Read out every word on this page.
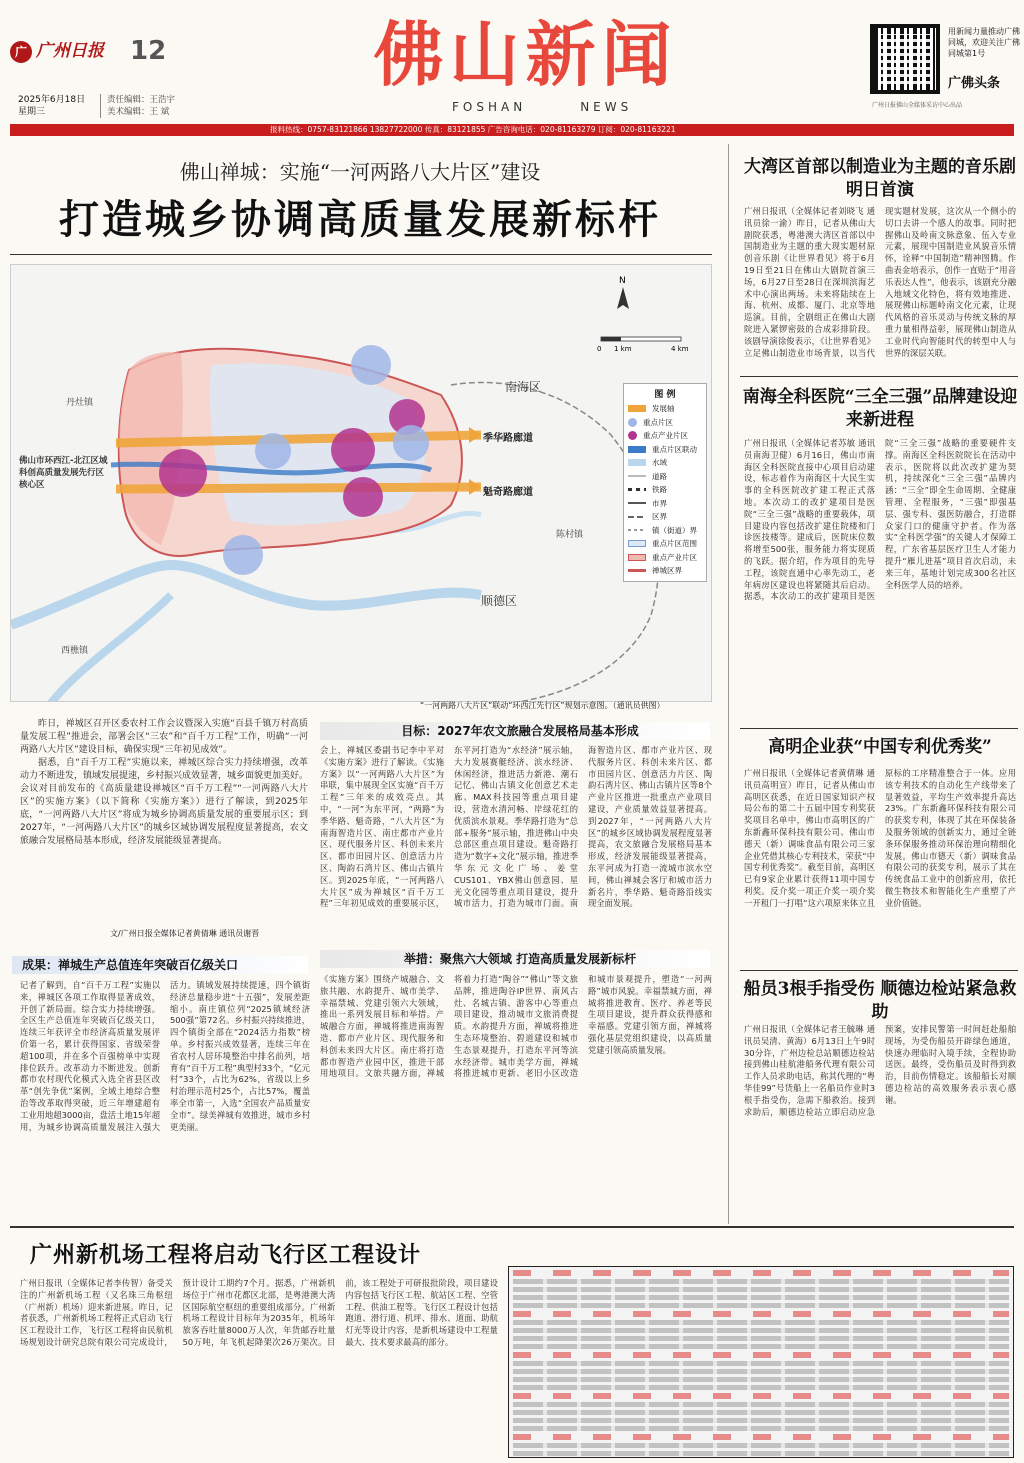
广 广州日报 12
2025年6月18日
星期三
责任编辑：王浩宇
美术编辑：王 斌
佛山新闻
FOSHAN	NEWS
用新闻力量推动广佛同城，欢迎关注广佛同城第1号
广佛头条
广州日报佛山全媒体采访中心出品
报料热线：0757-83121866 13827722000 传真：83121855 广告咨询电话：020-81163279 订阅：020-81163221
佛山禅城：实施“一河两路八大片区”建设
打造城乡协调高质量发展新标杆
N
0 1 km	4 km
南海区
顺德区
丹灶镇
西樵镇
陈村镇
季华路廊道
魁奇路廊道
佛山市环西江-北江区域科创高质量发展先行区核心区
图 例
发展轴
重点片区
重点产业片区
重点片区联动
水域
道路
铁路
市界
区界
镇（街道）界
重点片区范围
重点产业片区
禅城区界
“一河两路八大片区”联动“环西江先行区”规划示意图。（通讯员供图）

昨日，禅城区召开区委农村工作会议暨深入实施“百县千镇万村高质量发展工程”推进会，部署会区“三农”和“百千万工程”工作，明确“一河两路八大片区”建设目标，确保实现“三年初见成效”。

据悉，自“百千万工程”实施以来，禅城区综合实力持续增强，改革动力不断进发，镇域发展提速，乡村振兴成效显著，城乡面貌更加美好。会议对目前发布的《高质量建设禅城区“百千万工程”“一河两路八大片区”的实施方案》（以下简称《实施方案》）进行了解读，到2025年底，“一河两路八大片区”将成为城乡协调高质量发展的重要展示区；到2027年，“一河两路八大片区”的城乡区域协调发展程度显著提高，农文旅融合发展格局基本形成，经济发展能级显著提高。

文/广州日报全媒体记者黄倩琳 通讯员谢晋
目标：2027年农文旅融合发展格局基本形成
会上，禅城区委副书记李中平对《实施方案》进行了解读。《实施方案》以“一河两路八大片区”为串联，集中展现全区实施“百千万工程”三年来的成效亮点。其中，“一河”为东平河，“两路”为季华路、魁奇路，“八大片区”为南海智造片区、南庄都市产业片区、现代服务片区、科创未来片区、都市田园片区、创意活力片区、陶韵石湾片区、佛山古镇片区。到2025年底，“一河两路八大片区”成为禅城区“百千万工程”三年初见成效的重要展示区，东平河打造为“水经济”展示轴，大力发展赛艇经济、滨水经济、休闲经济，推进活力新港、潮石记忆、佛山古镇文化创意艺术走廊、MAX科技园等重点项目建设，营造水清河畅、岸绿花红的优质滨水景观。季华路打造为“总部+服务”展示轴，推进佛山中央总部区重点项目建设。魁奇路打造为“数字+文化”展示轴，推进季华东元文化广场、姜堂CUS101、YBX佛山创意园、星光文化园等重点项目建设，提升城市活力，打造为城市门面。南海智造片区、都市产业片区、现代服务片区、科创未来片区、都市田园片区、创意活力片区、陶韵石湾片区、佛山古镇片区等8个产业片区推进一批重点产业项目建设，产业质量效益显著提高。到2027年，“一河两路八大片区”的城乡区域协调发展程度显著提高，农文旅融合发展格局基本形成，经济发展能级显著提高，东平河成为打造一流城市滨水空间，佛山禅城会客厅和城市活力新名片，季华路、魁奇路沿线实现全面发展。
成果：禅城生产总值连年突破百亿级关口
记者了解到，自“百千万工程”实施以来，禅城区各项工作取得显著成效，开创了新局面。综合实力持续增强。全区生产总值连年突破百亿级关口，连续三年获评全市经济高质量发展评价第一名，累计获得国家、省级荣誉超100项，并在多个百强榜单中实现排位跃升。改革动力不断进发。创新都市农村现代化模式入选全省县区改革“创先争优”案例，全域土地综合整治等改革取得突破，近三年增建超有工业用地超3000亩，盘活土地15年超用，为城乡协调高质量发展注入强大活力。镇域发展持续提速，四个镇街经济总量稳步进“十五强”，发展差距缩小。南庄镇位列“2025镇域经济500强”第72名。乡村振兴持续推进，四个镇街全部在“2024活力指数”榜单。乡村振兴成效显著，连续三年在省农村人居环境整治中排名前列，培育有“百千万工程”典型村33个，“亿元村”33个，占比为62%，省级以上乡村治理示范村25个，占比57%，覆盖率全市第一，入选“全国农产品质量安全市”。绿美禅城有效推进，城市乡村更美丽。
举措：聚焦六大领域 打造高质量发展新标杆
《实施方案》围绕产城融合、文旅共融、水韵提升、城市美学、幸福禁城、党建引领六大领域，推出一系列发展目标和举措。产城融合方面，禅城将推进南海智造、都市产业片区、现代服务和科创未来四大片区。南庄将打造都市智造产业园中区，推进干部用地项目。文旅共融方面，禅城将着力打造“陶谷”“佛山”等文旅品牌，推进陶谷IP世界、南风古灶、名城古镇、游客中心等重点项目建设，推动城市文旅消费提质。水韵提升方面，禅城将推进生态环境整治、碧道建设和城市生态景观提升，打造东平河等滨水经济带。城市美学方面，禅城将推进城市更新、老旧小区改造和城市景观提升，塑造“一河两路”城市风貌。幸福禁城方面，禅城将推进教育、医疗、养老等民生项目建设，提升群众获得感和幸福感。党建引领方面，禅城将强化基层党组织建设，以高质量党建引领高质量发展。
大湾区首部以制造业为主题的音乐剧明日首演
广州日报讯（全媒体记者刘晓飞 通讯员徐一渝）昨日，记者从佛山大剧院获悉，粤港澳大湾区首部以中国制造业为主题的重大现实题材原创音乐剧《让世界看见》将于6月19日至21日在佛山大剧院首演三场，6月27日至28日在深圳滨海艺术中心演出两场。未来将陆续在上海、杭州、成都、厦门、北京等地巡演。目前，全剧组正在佛山大剧院进入紧锣密鼓的合成彩排阶段。该剧导演徐俊表示，《让世界看见》立足佛山制造业市场背景，以当代现实题材发展，这次从一个侧小的切口去讲一个感人的故事。同时把握佛山及岭南文脉意象、伍入专业元素，展现中国制造业风貌音乐情怀，诠释“中国制造”精神图腾。作曲表金培表示，创作一直贴于“用音乐表达人性”，他表示，该剧充分融入地域文化特色，将有效地推进、展现佛山标题岭南文化元素，让现代风格的音乐灵动与传统文脉的厚重力量相得益彰，展现佛山制造从工业时代向智能时代的转型中人与世界的深层关联。
南海全科医院“三全三强”品牌建设迎来新进程
广州日报讯（全媒体记者苏敏 通讯员南海卫健）6月16日，佛山市南海区全科医院直接中心项目启动建设，标志着作为南海区十大民生实事的全科医院改扩建工程正式落地。本次动工的改扩建项目是医院“三全三强”战略的重要载体，项目建设内容包括改扩建住院楼和门诊医技楼等。建成后，医院床位数将增至500张，服务能力将实现质的飞跃。据介绍，作为项目的先导工程，该院直通中心率先动工，老年病房区建设也将紧随其后启动。据悉，本次动工的改扩建项目是医院“三全三强”战略的重要硬件支撑。南海区全科医院院长在活动中表示，医院将以此次改扩建为契机，持续深化“三全三强”品牌内涵：“三全”即全生命周期、全健康管理、全程服务，“三强”即强基层、强专科、强医防融合，打造群众家门口的健康守护者。作为落实“全科医学强”的关键人才保障工程，广东省基层医疗卫生人才能力提升“雁儿进基”项目首次启动，未来三年，基地计划完成300名社区全科医学人员的培养。
高明企业获“中国专利优秀奖”
广州日报讯（全媒体记者黄倩琳 通讯员高明宣）昨日，记者从佛山市高明区获悉，在近日国家知识产权局公布的第二十五届中国专利奖获奖项目名单中，佛山市高明区的广东新鑫环保科技有限公司、佛山市德天（新）调味食品有限公司三家企业凭借其核心专利技术，荣获“中国专利优秀奖”。截至目前，高明区已有9家企业累计获得11项中国专利奖。反介奖一项正介奖一项介奖一开租门一打唱“这六项原来体立且原标的工序精准整合于一体。应用该专利技术的自动化生产线带来了显著效益，平均生产效率提升高达23%。广东新鑫环保科技有限公司的获奖专利，体现了其在环保装备及服务领域的创新实力，通过全链条环保服务推动环保治理向精细化发展。佛山市德天（新）调味食品有限公司的获奖专利，展示了其在传统食品工业中的创新应用，依托微生物技术和智能化生产重塑了产业价值链。
船员3根手指受伤 顺德边检站紧急救助
广州日报讯（全媒体记者王毓琳 通讯员吴清、黄海）6月13日上午9时30分许，广州边检总站顺德边检站接到佛山桂航港船务代理有限公司工作人员求助电话，称其代理的“粤华佳99”号货船上一名船员作业时3根手指受伤，急需下船救治。接到求助后，顺德边检站立即启动应急预案，安排民警第一时间赶赴船舶现场，为受伤船员开辟绿色通道，快速办理临时入境手续，全程协助送医。最终，受伤船员及时得到救治，目前伤情稳定。该船船长对顺德边检站的高效服务表示衷心感谢。
广州新机场工程将启动飞行区工程设计
广州日报讯（全媒体记者李传智）备受关注的广州新机场工程（又名珠三角枢纽（广州新）机场）迎来新进展。昨日，记者获悉，广州新机场工程将正式启动飞行区工程设计工作，飞行区工程将由民航机场规划设计研究总院有限公司完成设计，预计设计工期约7个月。据悉，广州新机场位于广州市花都区北部，是粤港澳大湾区国际航空枢纽的重要组成部分。广州新机场工程设计目标年为2035年，机场年旅客吞吐量8000万人次，年货邮吞吐量50万吨，年飞机起降架次26万架次。目前，该工程处于可研报批阶段，项目建设内容包括飞行区工程、航站区工程、空管工程、供油工程等。飞行区工程设计包括跑道、滑行道、机坪、排水、道面、助航灯光等设计内容，是新机场建设中工程量最大、技术要求最高的部分。
